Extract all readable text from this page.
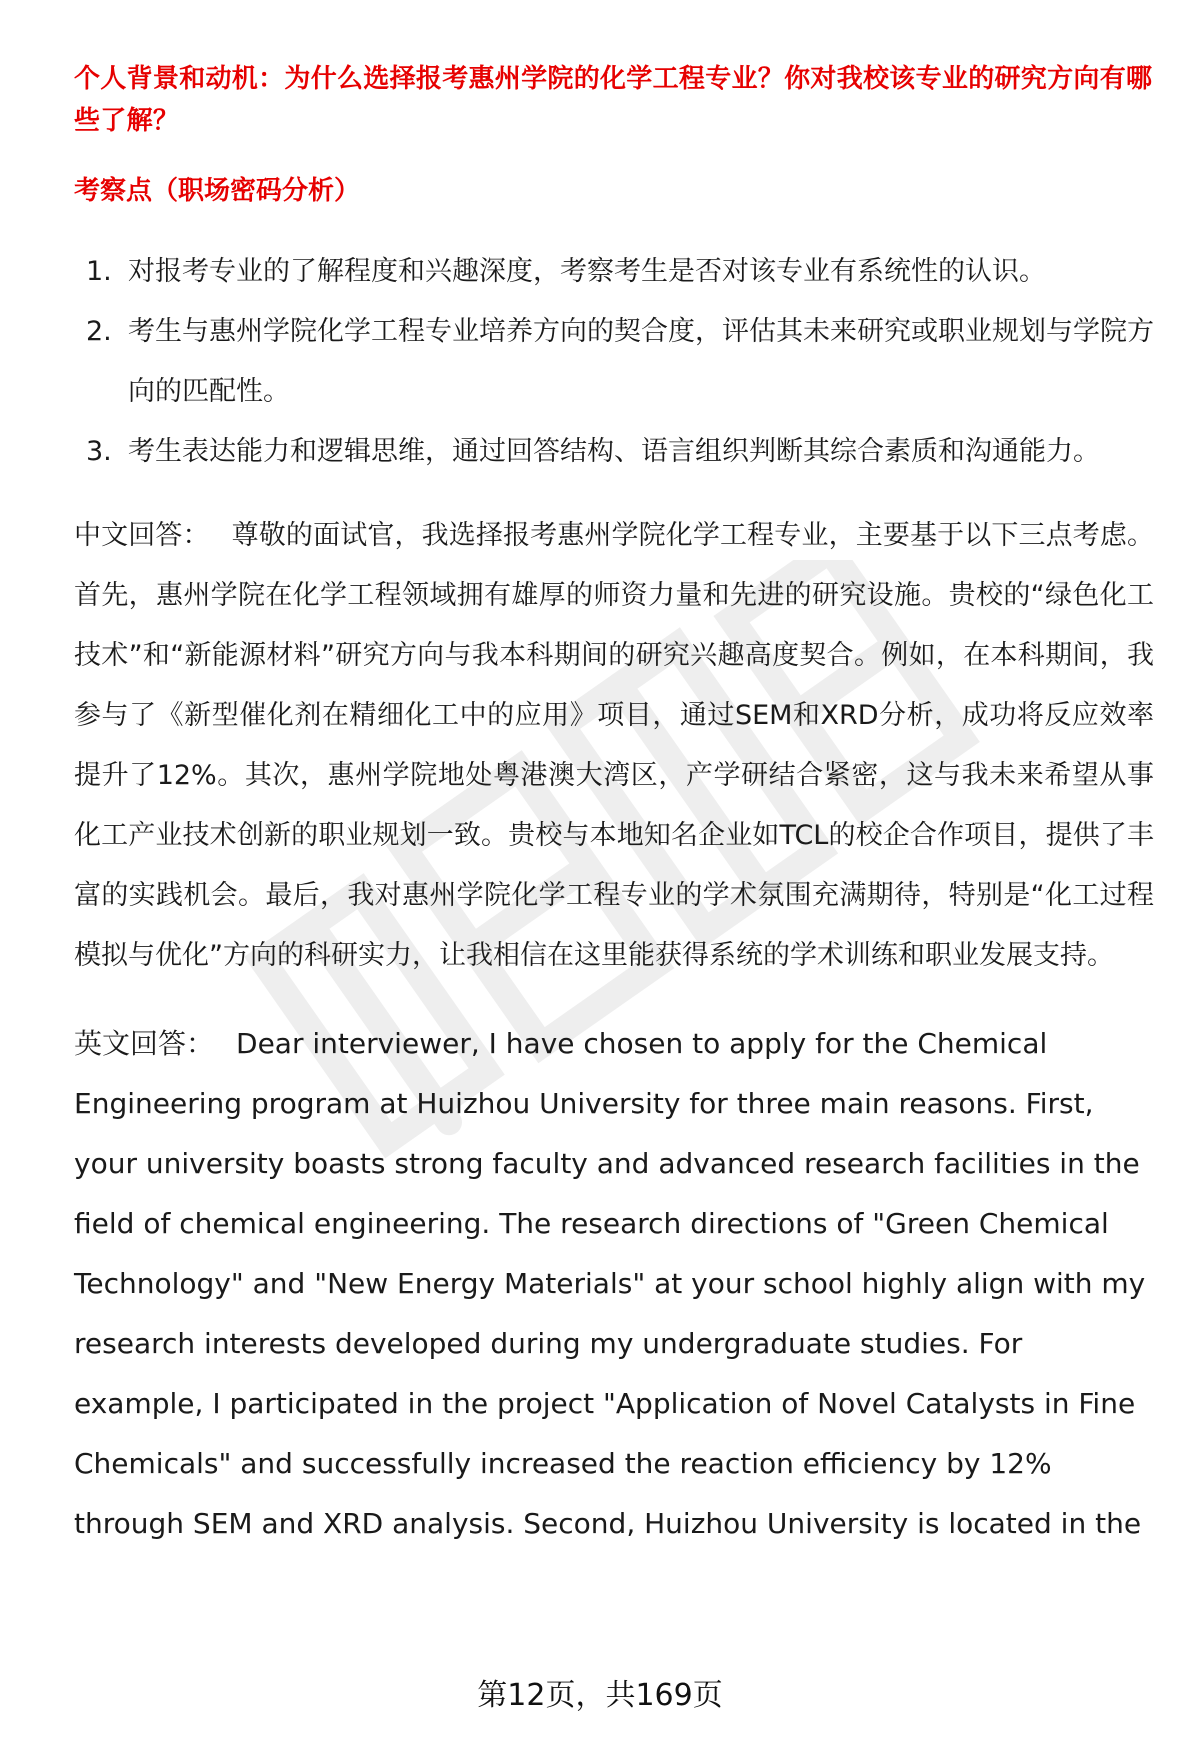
个人背景和动机：为什么选择报考惠州学院的化学工程专业？你对我校该专业的研究方向有哪些了解？
考察点（职场密码分析）
1. 对报考专业的了解程度和兴趣深度，考察考生是否对该专业有系统性的认识。
2. 考生与惠州学院化学工程专业培养方向的契合度，评估其未来研究或职业规划与学院方向的匹配性。
3. 考生表达能力和逻辑思维，通过回答结构、语言组织判断其综合素质和沟通能力。

中文回答： 尊敬的面试官，我选择报考惠州学院化学工程专业，主要基于以下三点考虑。首先，惠州学院在化学工程领域拥有雄厚的师资力量和先进的研究设施。贵校的“绿色化工技术”和“新能源材料”研究方向与我本科期间的研究兴趣高度契合。例如，在本科期间，我参与了《新型催化剂在精细化工中的应用》项目，通过SEM和XRD分析，成功将反应效率提升了12%。其次，惠州学院地处粤港澳大湾区，产学研结合紧密，这与我未来希望从事化工产业技术创新的职业规划一致。贵校与本地知名企业如TCL的校企合作项目，提供了丰富的实践机会。最后，我对惠州学院化学工程专业的学术氛围充满期待，特别是“化工过程模拟与优化”方向的科研实力，让我相信在这里能获得系统的学术训练和职业发展支持。

英文回答： Dear interviewer, I have chosen to apply for the Chemical Engineering program at Huizhou University for three main reasons. First, your university boasts strong faculty and advanced research facilities in the field of chemical engineering. The research directions of "Green Chemical Technology" and "New Energy Materials" at your school highly align with my research interests developed during my undergraduate studies. For example, I participated in the project "Application of Novel Catalysts in Fine Chemicals" and successfully increased the reaction efficiency by 12% through SEM and XRD analysis. Second, Huizhou University is located in the

第12页，共169页
